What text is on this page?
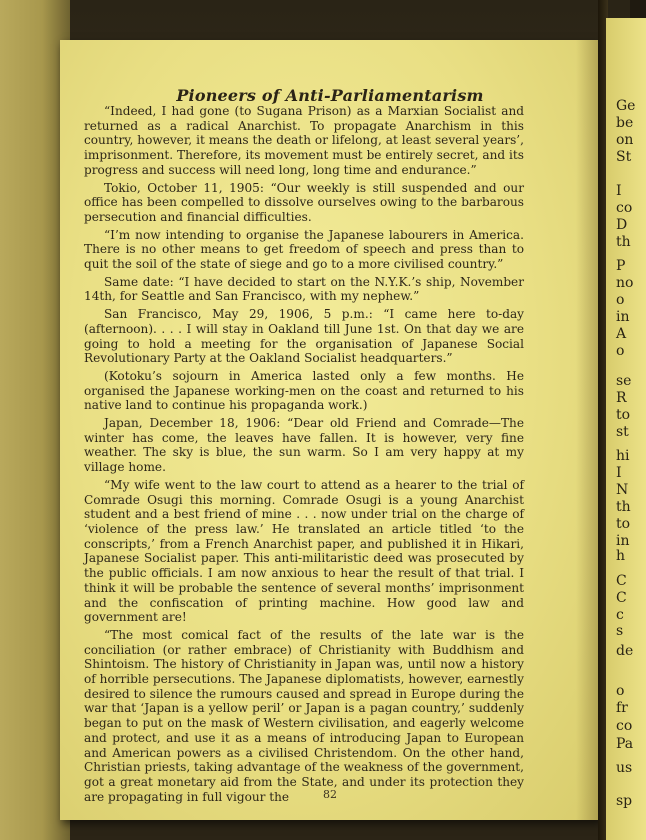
Pioneers of Anti-Parliamentarism

“Indeed, I had gone (to Sugana Prison) as a Marxian Socialist and returned as a radical Anarchist. To propagate Anarchism in this country, however, it means the death or lifelong, at least several years’, imprisonment. Therefore, its movement must be entirely secret, and its progress and success will need long, long time and endurance.”

Tokio, October 11, 1905: “Our weekly is still suspended and our office has been compelled to dissolve ourselves owing to the barbarous persecution and financial difficulties.

“I’m now intending to organise the Japanese labourers in America. There is no other means to get freedom of speech and press than to quit the soil of the state of siege and go to a more civilised country.”

Same date: “I have decided to start on the N.Y.K.’s ship, November 14th, for Seattle and San Francisco, with my nephew.”

San Francisco, May 29, 1906, 5 p.m.: “I came here to-day (afternoon). . . . I will stay in Oakland till June 1st. On that day we are going to hold a meeting for the organisation of Japanese Social Revolutionary Party at the Oakland Socialist headquarters.”

(Kotoku’s sojourn in America lasted only a few months. He organised the Japanese working-men on the coast and returned to his native land to continue his propaganda work.)

Japan, December 18, 1906: “Dear old Friend and Comrade—The winter has come, the leaves have fallen. It is however, very fine weather. The sky is blue, the sun warm. So I am very happy at my village home.

“My wife went to the law court to attend as a hearer to the trial of Comrade Osugi this morning. Comrade Osugi is a young Anarchist student and a best friend of mine . . . now under trial on the charge of ‘violence of the press law.’ He translated an article titled ‘to the conscripts,’ from a French Anarchist paper, and published it in Hikari, Japanese Socialist paper. This anti-militaristic deed was prosecuted by the public officials. I am now anxious to hear the result of that trial. I think it will be probable the sentence of several months’ imprisonment and the confiscation of printing machine. How good law and government are!

“The most comical fact of the results of the late war is the conciliation (or rather embrace) of Christianity with Buddhism and Shintoism. The history of Christianity in Japan was, until now a history of horrible persecutions. The Japanese diplomatists, however, earnestly desired to silence the rumours caused and spread in Europe during the war that ‘Japan is a yellow peril’ or Japan is a pagan country,’ suddenly began to put on the mask of Western civilisation, and eagerly welcome and protect, and use it as a means of introducing Japan to European and American powers as a civilised Christendom. On the other hand, Christian priests, taking advantage of the weakness of the government, got a great monetary aid from the State, and under its protection they are propagating in full vigour the	82
Ge
be
on
St
I
co
D
th
P
no
o
in
A
o
se
R
to
st
hi
I
N
th
to
in
h
C
C
c
s
de
o
fr
co
Pa
us
sp
